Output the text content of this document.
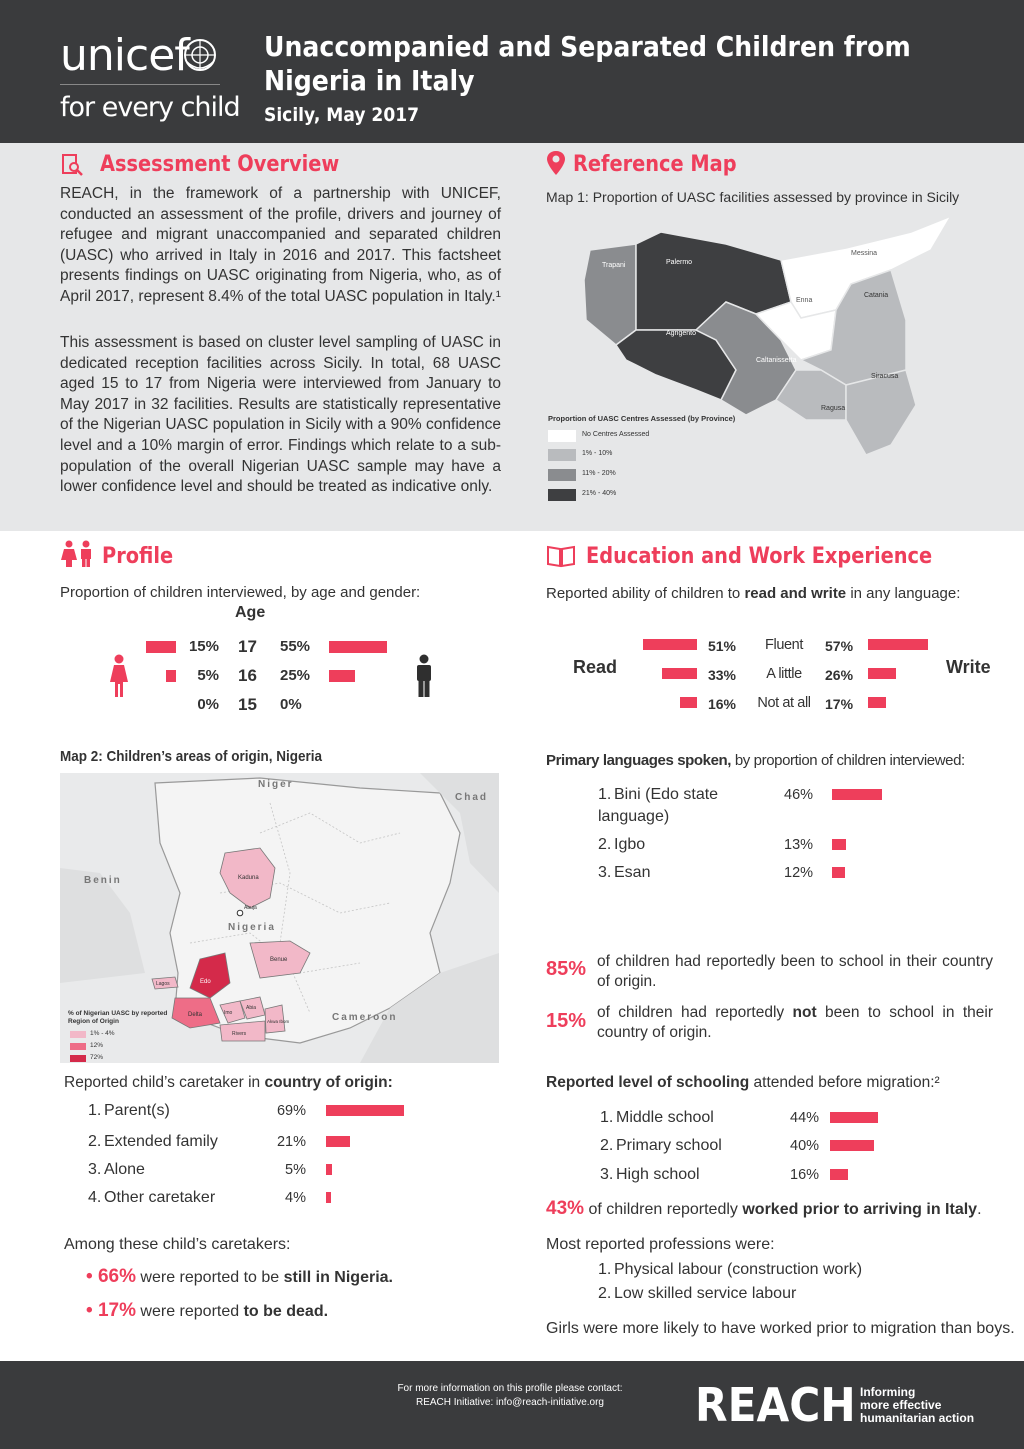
unicef
for every child
Unaccompanied and Separated Children from Nigeria in Italy
Sicily, May 2017
Assessment Overview
REACH, in the framework of a partnership with UNICEF, conducted an assessment of the profile, drivers and journey of refugee and migrant unaccompanied and separated children (UASC) who arrived in Italy in 2016 and 2017. This factsheet presents findings on UASC originating from Nigeria, who, as of April 2017, represent 8.4% of the total UASC population in Italy.¹
This assessment is based on cluster level sampling of UASC in dedicated reception facilities across Sicily. In total, 68 UASC aged 15 to 17 from Nigeria were interviewed from January to May 2017 in 32 facilities. Results are statistically representative of the Nigerian UASC population in Sicily with a 90% confidence level and a 10% margin of error. Findings which relate to a sub-population of the overall Nigerian UASC sample may have a lower confidence level and should be treated as indicative only.
Reference Map
Map 1: Proportion of UASC facilities assessed by province in Sicily
Trapani	Palermo
Messina
Agrigento
Caltanissetta
Enna
Catania
Ragusa
Siracusa
Proportion of UASC Centres Assessed (by Province)
No Centres Assessed
1% - 10%
11% - 20%
21% - 40%
Profile
Proportion of children interviewed, by age and gender:
Age
15% 17 55%
5% 16 25%
0% 15 0%
Map 2: Children’s areas of origin, Nigeria
Niger
Chad
Benin
Nigeria
Cameroon
Kaduna
Abuja
Benue
Edo
Delta
Lagos
Imo
Abia
Akwa Ibom
Rivers
% of Nigerian UASC by reported Region of Origin
1% - 4%
12%
72%
Reported child’s caretaker in country of origin:
1. Parent(s)	69%
2. Extended family	21%
3. Alone	5%
4. Other caretaker	4%
Among these child’s caretakers:
• 66% were reported to be still in Nigeria.
• 17% were reported to be dead.
Education and Work Experience
Reported ability of children to read and write in any language:
Read	Write
51%	Fluent	57%
33%	A little	26%
16%	Not at all	17%
Primary languages spoken, by proportion of children interviewed:
1. Bini (Edo state
language)
46%
2. Igbo	13%
3. Esan	12%
85% of children had reportedly been to school in their country of origin.
15% of children had reportedly not been to school in their country of origin.
Reported level of schooling attended before migration:²
1. Middle school	44%
2. Primary school	40%
3. High school	16%
43% of children reportedly worked prior to arriving in Italy.
Most reported professions were:
1. Physical labour (construction work)
2. Low skilled service labour
Girls were more likely to have worked prior to migration than boys.
For more information on this profile please contact:
REACH Initiative: info@reach-initiative.org	REACH Informing
more effective
humanitarian action
